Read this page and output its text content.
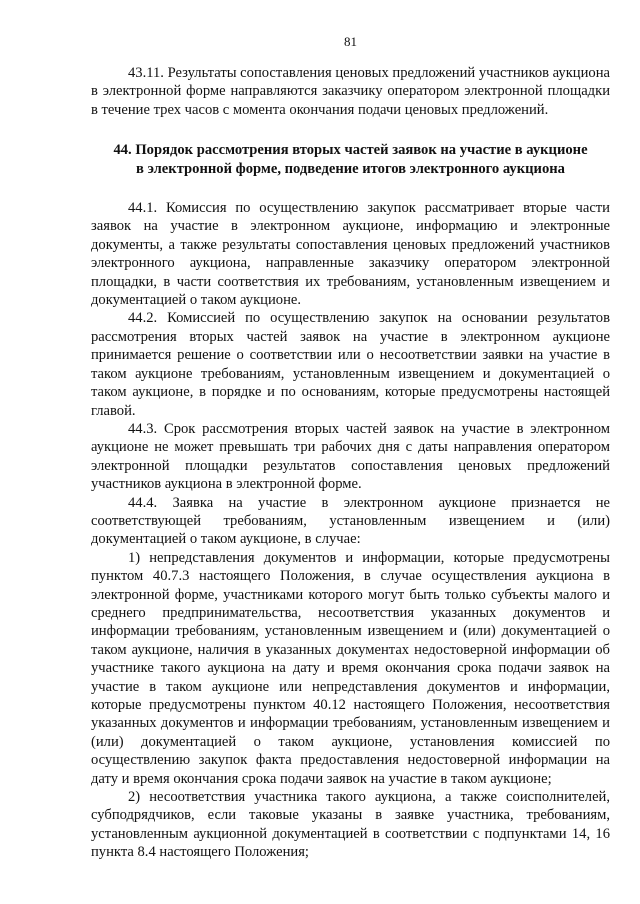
81

43.11. Результаты сопоставления ценовых предложений участников аукциона в электронной форме направляются заказчику оператором электронной площадки в течение трех часов с момента окончания подачи ценовых предложений.

44. Порядок рассмотрения вторых частей заявок на участие в аукционе
в электронной форме, подведение итогов электронного аукциона

44.1. Комиссия по осуществлению закупок рассматривает вторые части заявок на участие в электронном аукционе, информацию и электронные документы, а также результаты сопоставления ценовых предложений участников электронного аукциона, направленные заказчику оператором электронной площадки, в части соответствия их требованиям, установленным извещением и документацией о таком аукционе.

44.2. Комиссией по осуществлению закупок на основании результатов рассмотрения вторых частей заявок на участие в электронном аукционе принимается решение о соответствии или о несоответствии заявки на участие в таком аукционе требованиям, установленным извещением и документацией о таком аукционе, в порядке и по основаниям, которые предусмотрены настоящей главой.

44.3. Срок рассмотрения вторых частей заявок на участие в электронном аукционе не может превышать три рабочих дня с даты направления оператором электронной площадки результатов сопоставления ценовых предложений участников аукциона в электронной форме.

44.4. Заявка на участие в электронном аукционе признается не соответствующей требованиям, установленным извещением и (или) документацией о таком аукционе, в случае:

1) непредставления документов и информации, которые предусмотрены пунктом 40.7.3 настоящего Положения, в случае осуществления аукциона в электронной форме, участниками которого могут быть только субъекты малого и среднего предпринимательства, несоответствия указанных документов и информации требованиям, установленным извещением и (или) документацией о таком аукционе, наличия в указанных документах недостоверной информации об участнике такого аукциона на дату и время окончания срока подачи заявок на участие в таком аукционе или непредставления документов и информации, которые предусмотрены пунктом 40.12 настоящего Положения, несоответствия указанных документов и информации требованиям, установленным извещением и (или) документацией о таком аукционе, установления комиссией по осуществлению закупок факта предоставления недостоверной информации на дату и время окончания срока подачи заявок на участие в таком аукционе;

2) несоответствия участника такого аукциона, а также соисполнителей, субподрядчиков, если таковые указаны в заявке участника, требованиям, установленным аукционной документацией в соответствии с подпунктами 14, 16 пункта 8.4 настоящего Положения;
